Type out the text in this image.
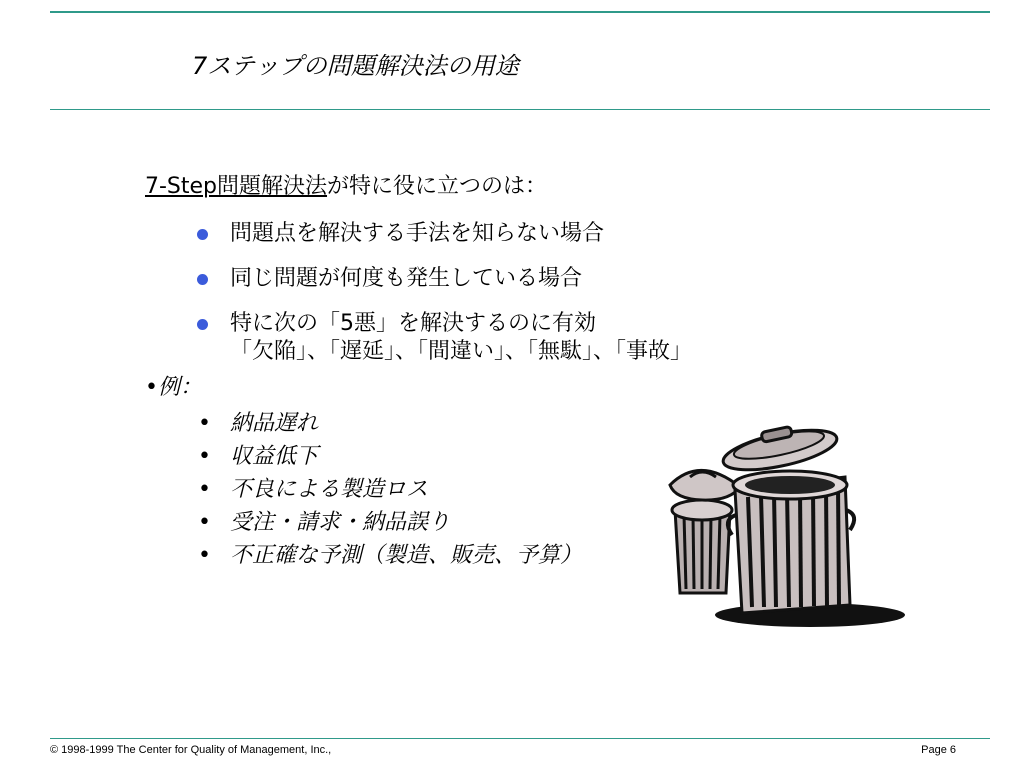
7ステップの問題解決法の用途
7-Step問題解決法が特に役に立つのは：
問題点を解決する手法を知らない場合
同じ問題が何度も発生している場合
特に次の「5悪」を解決するのに有効
「欠陥」、「遅延」、「間違い」、「無駄」、「事故」
•例：
• 納品遅れ
• 収益低下
• 不良による製造ロス
• 受注・請求・納品誤り
• 不正確な予測（製造、販売、予算）
© 1998-1999 The Center for Quality of Management, Inc.,	Page 6
